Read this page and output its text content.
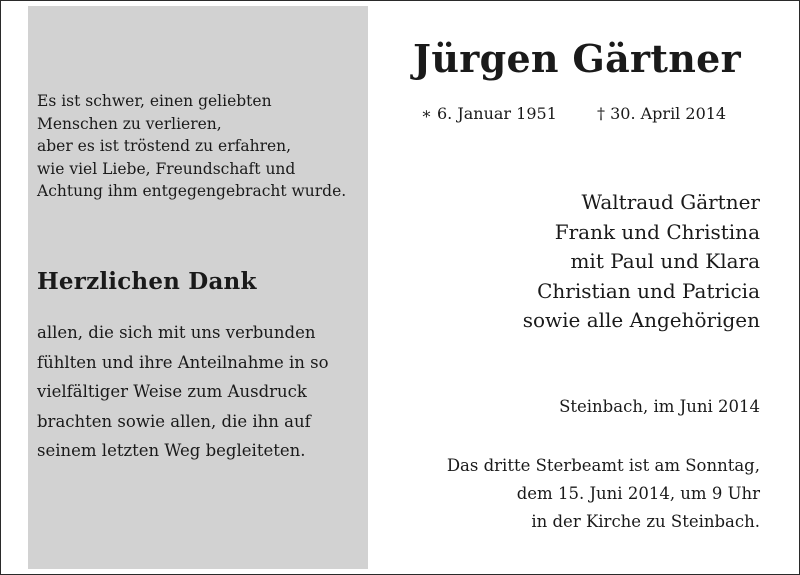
Es ist schwer, einen geliebten
Menschen zu verlieren,
aber es ist tröstend zu erfahren,
wie viel Liebe, Freundschaft und
Achtung ihm entgegengebracht wurde.

Herzlichen Dank

allen, die sich mit uns verbunden
fühlten und ihre Anteilnahme in so
vielfältiger Weise zum Ausdruck
brachten sowie allen, die ihn auf
seinem letzten Weg begleiteten.

Jürgen Gärtner
∗ 6. Januar 1951	† 30. April 2014
Waltraud Gärtner
Frank und Christina
mit Paul und Klara
Christian und Patricia
sowie alle Angehörigen

Steinbach, im Juni 2014

Das dritte Sterbeamt ist am Sonntag,
dem 15. Juni 2014, um 9 Uhr
in der Kirche zu Steinbach.
